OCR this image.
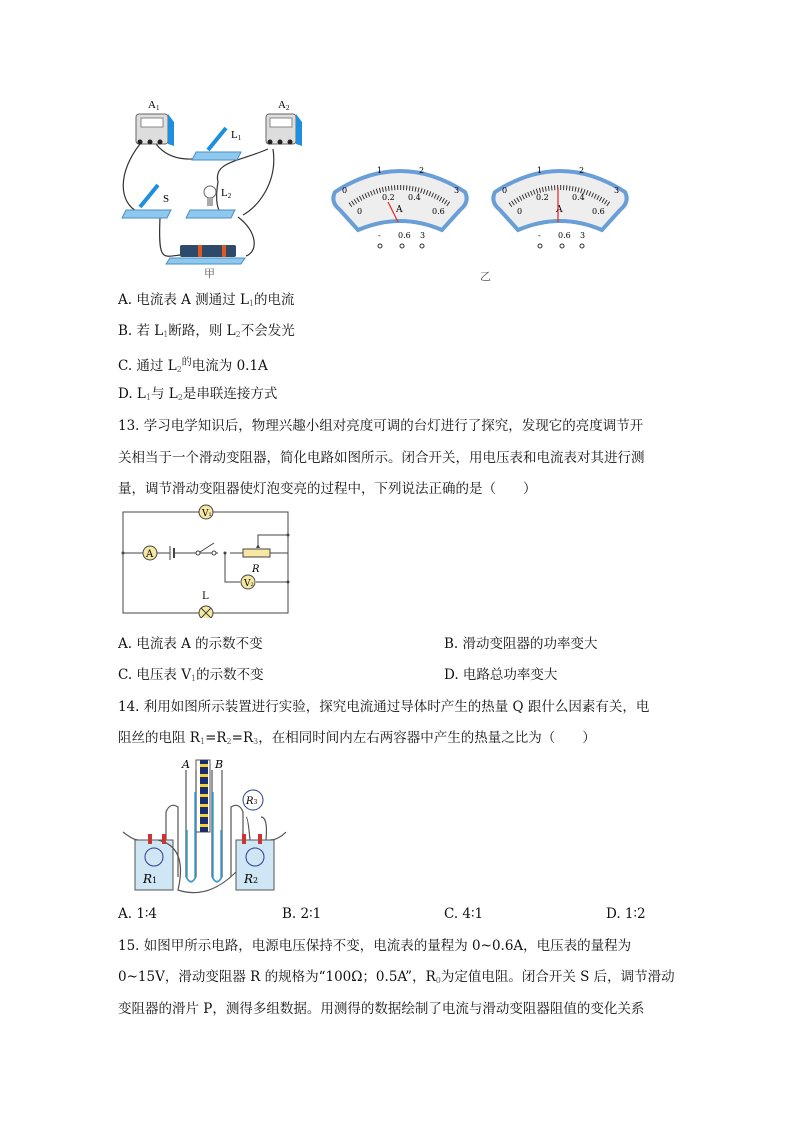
A1	A2
L1
S	L2
甲
0
1	2
3
0
0.2 0.4
0.6
A
- 0.6 3
0
1	2
3
0
0.2	0.4
0.6
A
- 0.6 3
乙
A. 电流表 A 测通过 $L_1$的电流
B. 若 $L_1$断路，则 $L_2$不会发光
C. 通过 $L_2^的$电流为 0.1A
D. $L_1$与 $L_2$是串联连接方式
13. 学习电学知识后，物理兴趣小组对亮度可调的台灯进行了探究，发现它的亮度调节开
关相当于一个滑动变阻器，简化电路如图所示。闭合开关，用电压表和电流表对其进行测
量，调节滑动变阻器使灯泡变亮的过程中，下列说法正确的是（　　）
V1
A
V2
R
L
A. 电流表 A 的示数不变	B. 滑动变阻器的功率变大
C. 电压表 $V_1$的示数不变	D. 电路总功率变大
14. 利用如图所示装置进行实验，探究电流通过导体时产生的热量 Q 跟什么因素有关，电
阻丝的电阻 $R_1=R_2=R_3$，在相同时间内左右两容器中产生的热量之比为（　　）
R3
A B
R1	R2
A. 1∶4	B. 2∶1	C. 4∶1	D. 1∶2
15. 如图甲所示电路，电源电压保持不变，电流表的量程为 0~0.6A，电压表的量程为
0~15V，滑动变阻器 R 的规格为“100Ω；0.5A”，$R_0$为定值电阻。闭合开关 S 后，调节滑动
变阻器的滑片 P，测得多组数据。用测得的数据绘制了电流与滑动变阻器阻值的变化关系
